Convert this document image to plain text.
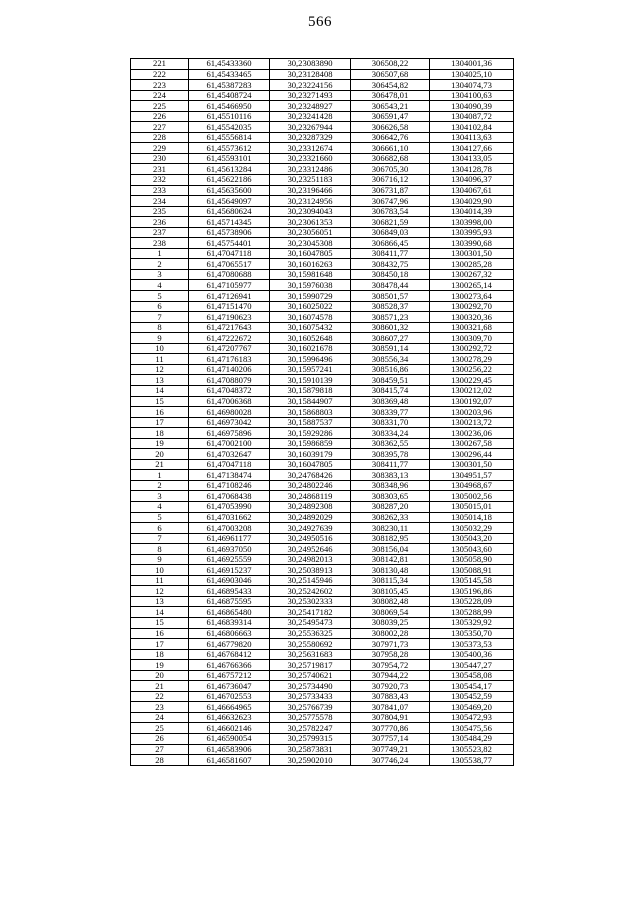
566
221	61,45433360	30,23083890	306508,22	1304001,36
222	61,45433465	30,23128408	306507,68	1304025,10
223	61,45387283	30,23224156	306454,82	1304074,73
224	61,45408724	30,23271493	306478,01	1304100,63
225	61,45466950	30,23248927	306543,21	1304090,39
226	61,45510116	30,23241428	306591,47	1304087,72
227	61,45542035	30,23267944	306626,58	1304102,84
228	61,45556814	30,23287329	306642,76	1304113,63
229	61,45573612	30,23312674	306661,10	1304127,66
230	61,45593101	30,23321660	306682,68	1304133,05
231	61,45613284	30,23312486	306705,30	1304128,78
232	61,45622186	30,23251183	306716,12	1304096,37
233	61,45635600	30,23196466	306731,87	1304067,61
234	61,45649097	30,23124956	306747,96	1304029,90
235	61,45680624	30,23094043	306783,54	1304014,39
236	61,45714345	30,23061353	306821,59	1303998,00
237	61,45738906	30,23056051	306849,03	1303995,93
238	61,45754401	30,23045308	306866,45	1303990,68
1	61,47047118	30,16047805	308411,77	1300301,50
2	61,47065517	30,16016263	308432,75	1300285,28
3	61,47080688	30,15981648	308450,18	1300267,32
4	61,47105977	30,15976038	308478,44	1300265,14
5	61,47126941	30,15990729	308501,57	1300273,64
6	61,47151470	30,16025022	308528,37	1300292,70
7	61,47190623	30,16074578	308571,23	1300320,36
8	61,47217643	30,16075432	308601,32	1300321,68
9	61,47222672	30,16052648	308607,27	1300309,70
10	61,47207767	30,16021678	308591,14	1300292,72
11	61,47176183	30,15996496	308556,34	1300278,29
12	61,47140206	30,15957241	308516,86	1300256,22
13	61,47088079	30,15910139	308459,51	1300229,45
14	61,47048372	30,15879818	308415,74	1300212,02
15	61,47006368	30,15844907	308369,48	1300192,07
16	61,46980028	30,15868803	308339,77	1300203,96
17	61,46973042	30,15887537	308331,70	1300213,72
18	61,46975896	30,15929286	308334,24	1300236,06
19	61,47002100	30,15986859	308362,55	1300267,58
20	61,47032647	30,16039179	308395,78	1300296,44
21	61,47047118	30,16047805	308411,77	1300301,50
1	61,47138474	30,24768426	308383,13	1304951,57
2	61,47108246	30,24802246	308348,96	1304968,67
3	61,47068438	30,24868119	308303,65	1305002,56
4	61,47053990	30,24892308	308287,20	1305015,01
5	61,47031662	30,24892029	308262,33	1305014,18
6	61,47003208	30,24927639	308230,11	1305032,29
7	61,46961177	30,24950516	308182,95	1305043,20
8	61,46937050	30,24952646	308156,04	1305043,60
9	61,46925559	30,24982013	308142,81	1305058,90
10	61,46915237	30,25038913	308130,48	1305088,91
11	61,46903046	30,25145946	308115,34	1305145,58
12	61,46895433	30,25242602	308105,45	1305196,86
13	61,46875595	30,25302333	308082,48	1305228,09
14	61,46865480	30,25417182	308069,54	1305288,99
15	61,46839314	30,25495473	308039,25	1305329,92
16	61,46806663	30,25536325	308002,28	1305350,70
17	61,46779820	30,25580692	307971,73	1305373,53
18	61,46768412	30,25631683	307958,28	1305400,36
19	61,46766366	30,25719817	307954,72	1305447,27
20	61,46757212	30,25740621	307944,22	1305458,08
21	61,46736047	30,25734490	307920,73	1305454,17
22	61,46702553	30,25733433	307883,43	1305452,59
23	61,46664965	30,25766739	307841,07	1305469,20
24	61,46632623	30,25775578	307804,91	1305472,93
25	61,46602146	30,25782247	307770,86	1305475,56
26	61,46590054	30,25799315	307757,14	1305484,29
27	61,46583906	30,25873831	307749,21	1305523,82
28	61,46581607	30,25902010	307746,24	1305538,77
